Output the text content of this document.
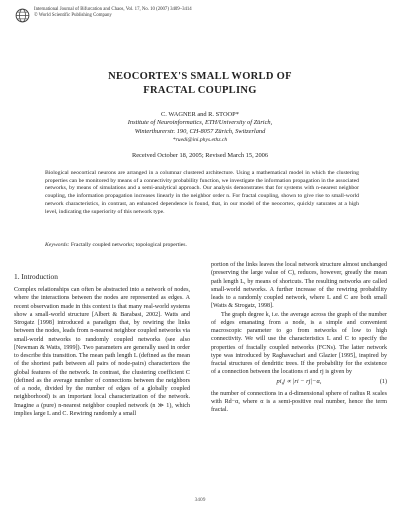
International Journal of Bifurcation and Chaos, Vol. 17, No. 10 (2007) 3409–3414
© World Scientific Publishing Company
NEOCORTEX'S SMALL WORLD OF
FRACTAL COUPLING
C. WAGNER and R. STOOP*
Institute of Neuroinformatics, ETH/University of Zürich,
Winterthurerstr. 190, CH-8057 Zürich, Switzerland
*ruedi@ini.phys.ethz.ch
Received October 18, 2005; Revised March 15, 2006
Biological neocortical neurons are arranged in a columnar clustered architecture. Using a mathematical model in which the clustering properties can be monitored by means of a connectivity probability function, we investigate the information propagation in the associated networks, by means of simulations and a semi-analytical approach. Our analysis demonstrates that for systems with n-nearest neighbor coupling, the information propagation increases linearly in the neighbor order n. For fractal coupling, shown to give rise to small-world network characteristics, in contrast, an enhanced dependence is found, that, in our model of the neocortex, quickly saturates at a high level, indicating the superiority of this network type.
Keywords: Fractally coupled networks; topological properties.
1. Introduction
Complex relationships can often be abstracted into a network of nodes, where the interactions between the nodes are represented as edges. A recent observation made in this context is that many real-world systems show a small-world structure [Albert & Barabasi, 2002]. Watts and Strogatz [1998] introduced a paradigm that, by rewiring the links between the nodes, leads from n-nearest neighbor coupled networks via small-world networks to randomly coupled networks (see also [Newman & Watts, 1999]). Two parameters are generally used in order to describe this transition. The mean path length L (defined as the mean of the shortest path between all pairs of node-pairs) characterizes the global features of the network. In contrast, the clustering coefficient C (defined as the average number of connections between the neighbors of a node, divided by the number of edges of a globally coupled neighborhood) is an important local characterization of the network. Imagine a (pure) n-nearest neighbor coupled network (n ≫ 1), which implies large L and C. Rewiring randomly a small
portion of the links leaves the local network structure almost unchanged (preserving the large value of C), reduces, however, greatly the mean path length L, by means of shortcuts. The resulting networks are called small-world networks. A further increase of the rewiring probability leads to a randomly coupled network, where L and C are both small [Watts & Strogatz, 1998].
The graph degree k, i.e. the average across the graph of the number of edges emanating from a node, is a simple and convenient macroscopic parameter to go from networks of low to high connectivity. We will use the characteristics L and C to specify the properties of fractally coupled networks (FCNs). The latter network type was introduced by Raghavachari and Glazier [1995], inspired by fractal structures of dendritic trees. If the probability for the existence of a connection between the locations ri and rj is given by
pi,j ∝ |ri − rj|−α,	(1)
the number of connections in a d-dimensional sphere of radius R scales with Rd−α, where α is a semi-positive real number, hence the term fractal.
3409
